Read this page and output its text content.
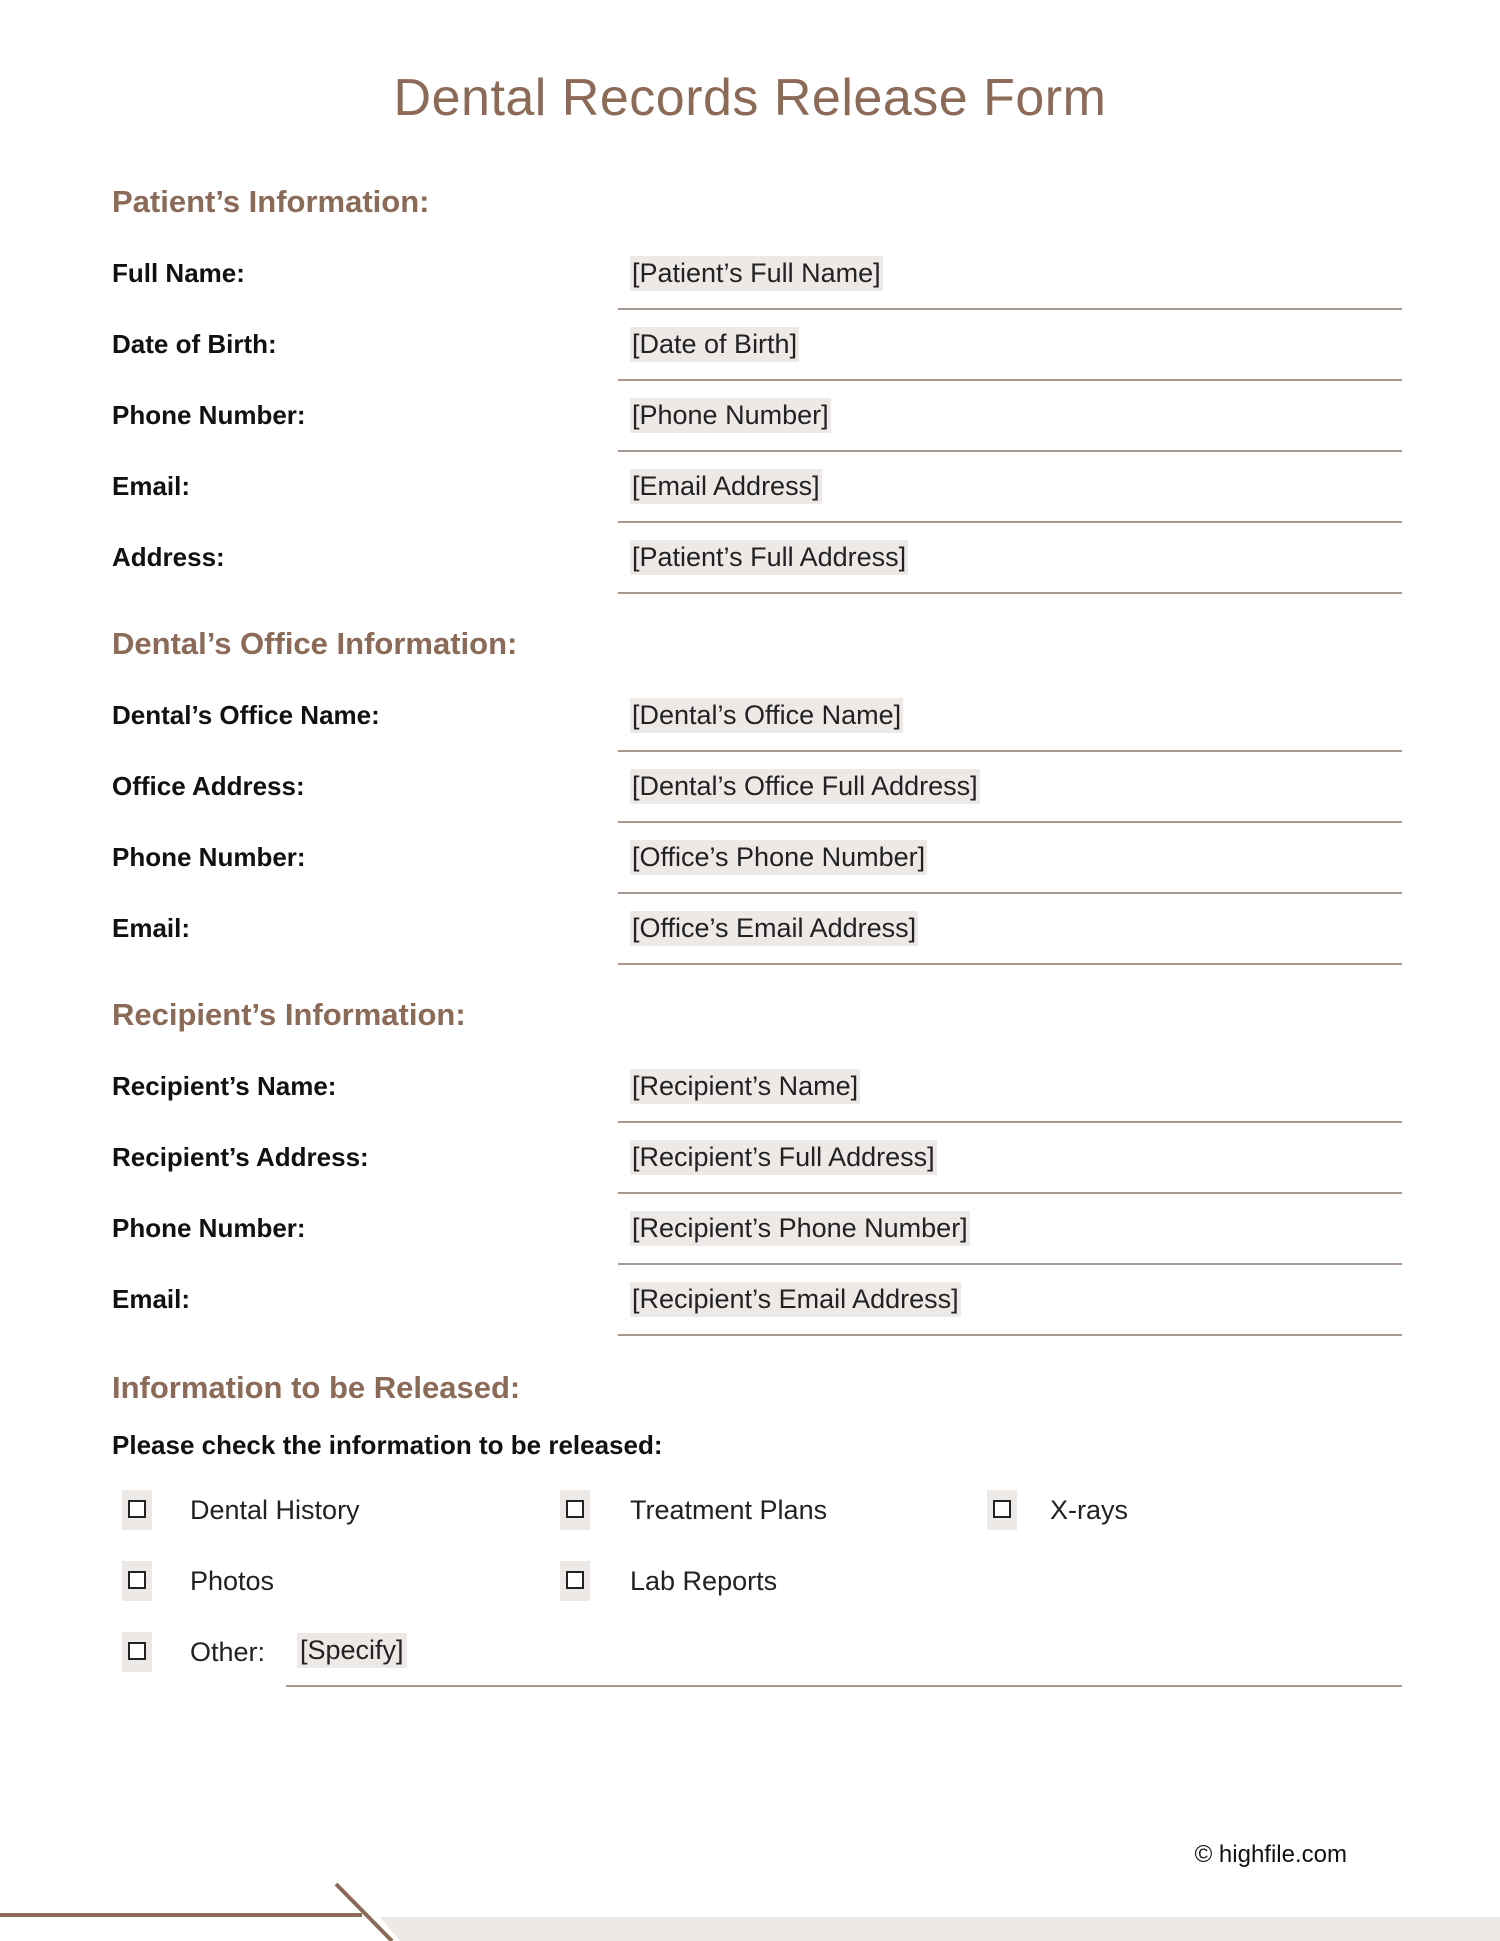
Dental Records Release Form
Patient’s Information:
Full Name:	[Patient’s Full Name]
Date of Birth:	[Date of Birth]
Phone Number:	[Phone Number]
Email:	[Email Address]
Address:	[Patient’s Full Address]
Dental’s Office Information:
Dental’s Office Name:	[Dental’s Office Name]
Office Address:	[Dental’s Office Full Address]
Phone Number:	[Office’s Phone Number]
Email:	[Office’s Email Address]
Recipient’s Information:
Recipient’s Name:	[Recipient’s Name]
Recipient’s Address:	[Recipient’s Full Address]
Phone Number:	[Recipient’s Phone Number]
Email:	[Recipient’s Email Address]
Information to be Released:
Please check the information to be released:
Dental History	Treatment Plans	X-rays
Photos	Lab Reports
Other: [Specify]
© highfile.com
